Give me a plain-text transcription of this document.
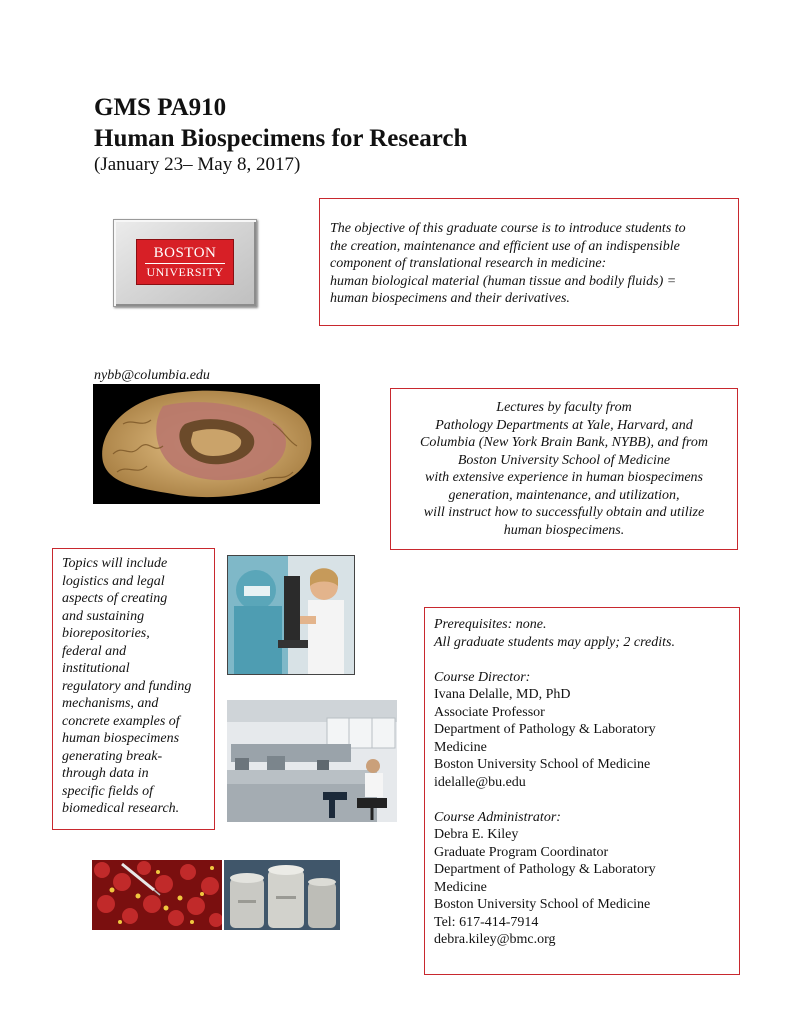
GMS PA910
Human Biospecimens for Research
(January 23– May 8, 2017)
BOSTON
UNIVERSITY
The objective of this graduate course is to introduce students to
the creation, maintenance and efficient use of an indispensible
component of translational research in medicine:
human biological material (human tissue and bodily fluids) =
human biospecimens and their derivatives.
nybb@columbia.edu
Lectures by faculty from
Pathology Departments at Yale, Harvard, and
Columbia (New York Brain Bank, NYBB), and from
Boston University School of Medicine
with extensive experience in human biospecimens
generation, maintenance, and utilization,
will instruct how to successfully obtain and utilize
human biospecimens.
Topics will include
logistics and legal
aspects of creating
and sustaining
biorepositories,
federal and
institutional
regulatory and funding
mechanisms, and
concrete examples of
human biospecimens
generating break-
through data in
specific fields of
biomedical research.
Prerequisites: none.
All graduate students may apply; 2 credits.
Course Director:
Ivana Delalle, MD, PhD
Associate Professor
Department of Pathology & Laboratory
Medicine
Boston University School of Medicine
idelalle@bu.edu
Course Administrator:
Debra E. Kiley
Graduate Program Coordinator
Department of Pathology & Laboratory
Medicine
Boston University School of Medicine
Tel: 617-414-7914
debra.kiley@bmc.org
